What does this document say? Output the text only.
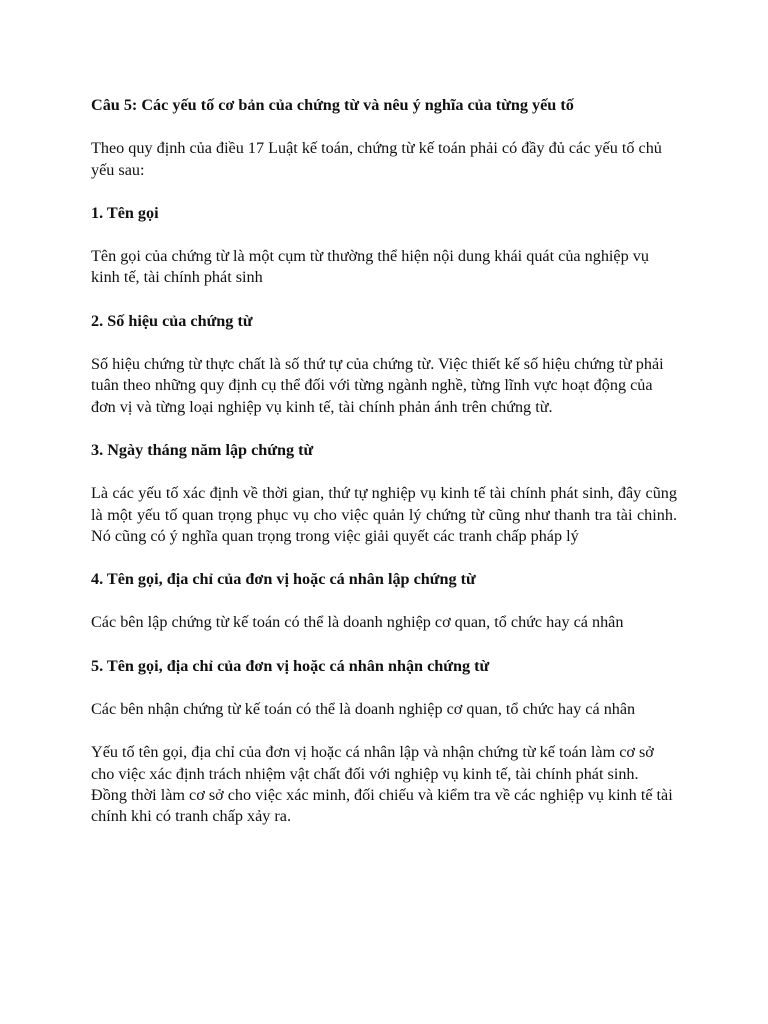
Câu 5: Các yếu tố cơ bản của chứng từ và nêu ý nghĩa của từng yếu tố

Theo quy định của điều 17 Luật kế toán, chứng từ kế toán phải có đầy đủ các yếu tố chủ yếu sau:

1. Tên gọi

Tên gọi của chứng từ là một cụm từ thường thể hiện nội dung khái quát của nghiệp vụ kinh tế, tài chính phát sinh

2. Số hiệu của chứng từ

Số hiệu chứng từ thực chất là số thứ tự của chứng từ. Việc thiết kế số hiệu chứng từ phải tuân theo những quy định cụ thể đối với từng ngành nghề, từng lĩnh vực hoạt động của đơn vị và từng loại nghiệp vụ kinh tế, tài chính phản ánh trên chứng từ.

3. Ngày tháng năm lập chứng từ

Là các yếu tố xác định về thời gian, thứ tự nghiệp vụ kinh tế tài chính phát sinh, đây cũng là một yếu tố quan trọng phục vụ cho việc quản lý chứng từ cũng như thanh tra tài chinh. Nó cũng có ý nghĩa quan trọng trong việc giải quyết các tranh chấp pháp lý

4. Tên gọi, địa chỉ của đơn vị hoặc cá nhân lập chứng từ

Các bên lập chứng từ kế toán có thể là doanh nghiệp cơ quan, tổ chức hay cá nhân

5. Tên gọi, địa chỉ của đơn vị hoặc cá nhân nhận chứng từ

Các bên nhận chứng từ kế toán có thể là doanh nghiệp cơ quan, tổ chức hay cá nhân

Yếu tố tên gọi, địa chỉ của đơn vị hoặc cá nhân lập và nhận chứng từ kế toán làm cơ sở cho việc xác định trách nhiệm vật chất đối với nghiệp vụ kinh tế, tài chính phát sinh. Đồng thời làm cơ sở cho việc xác minh, đối chiếu và kiểm tra về các nghiệp vụ kinh tế tài chính khi có tranh chấp xảy ra.
